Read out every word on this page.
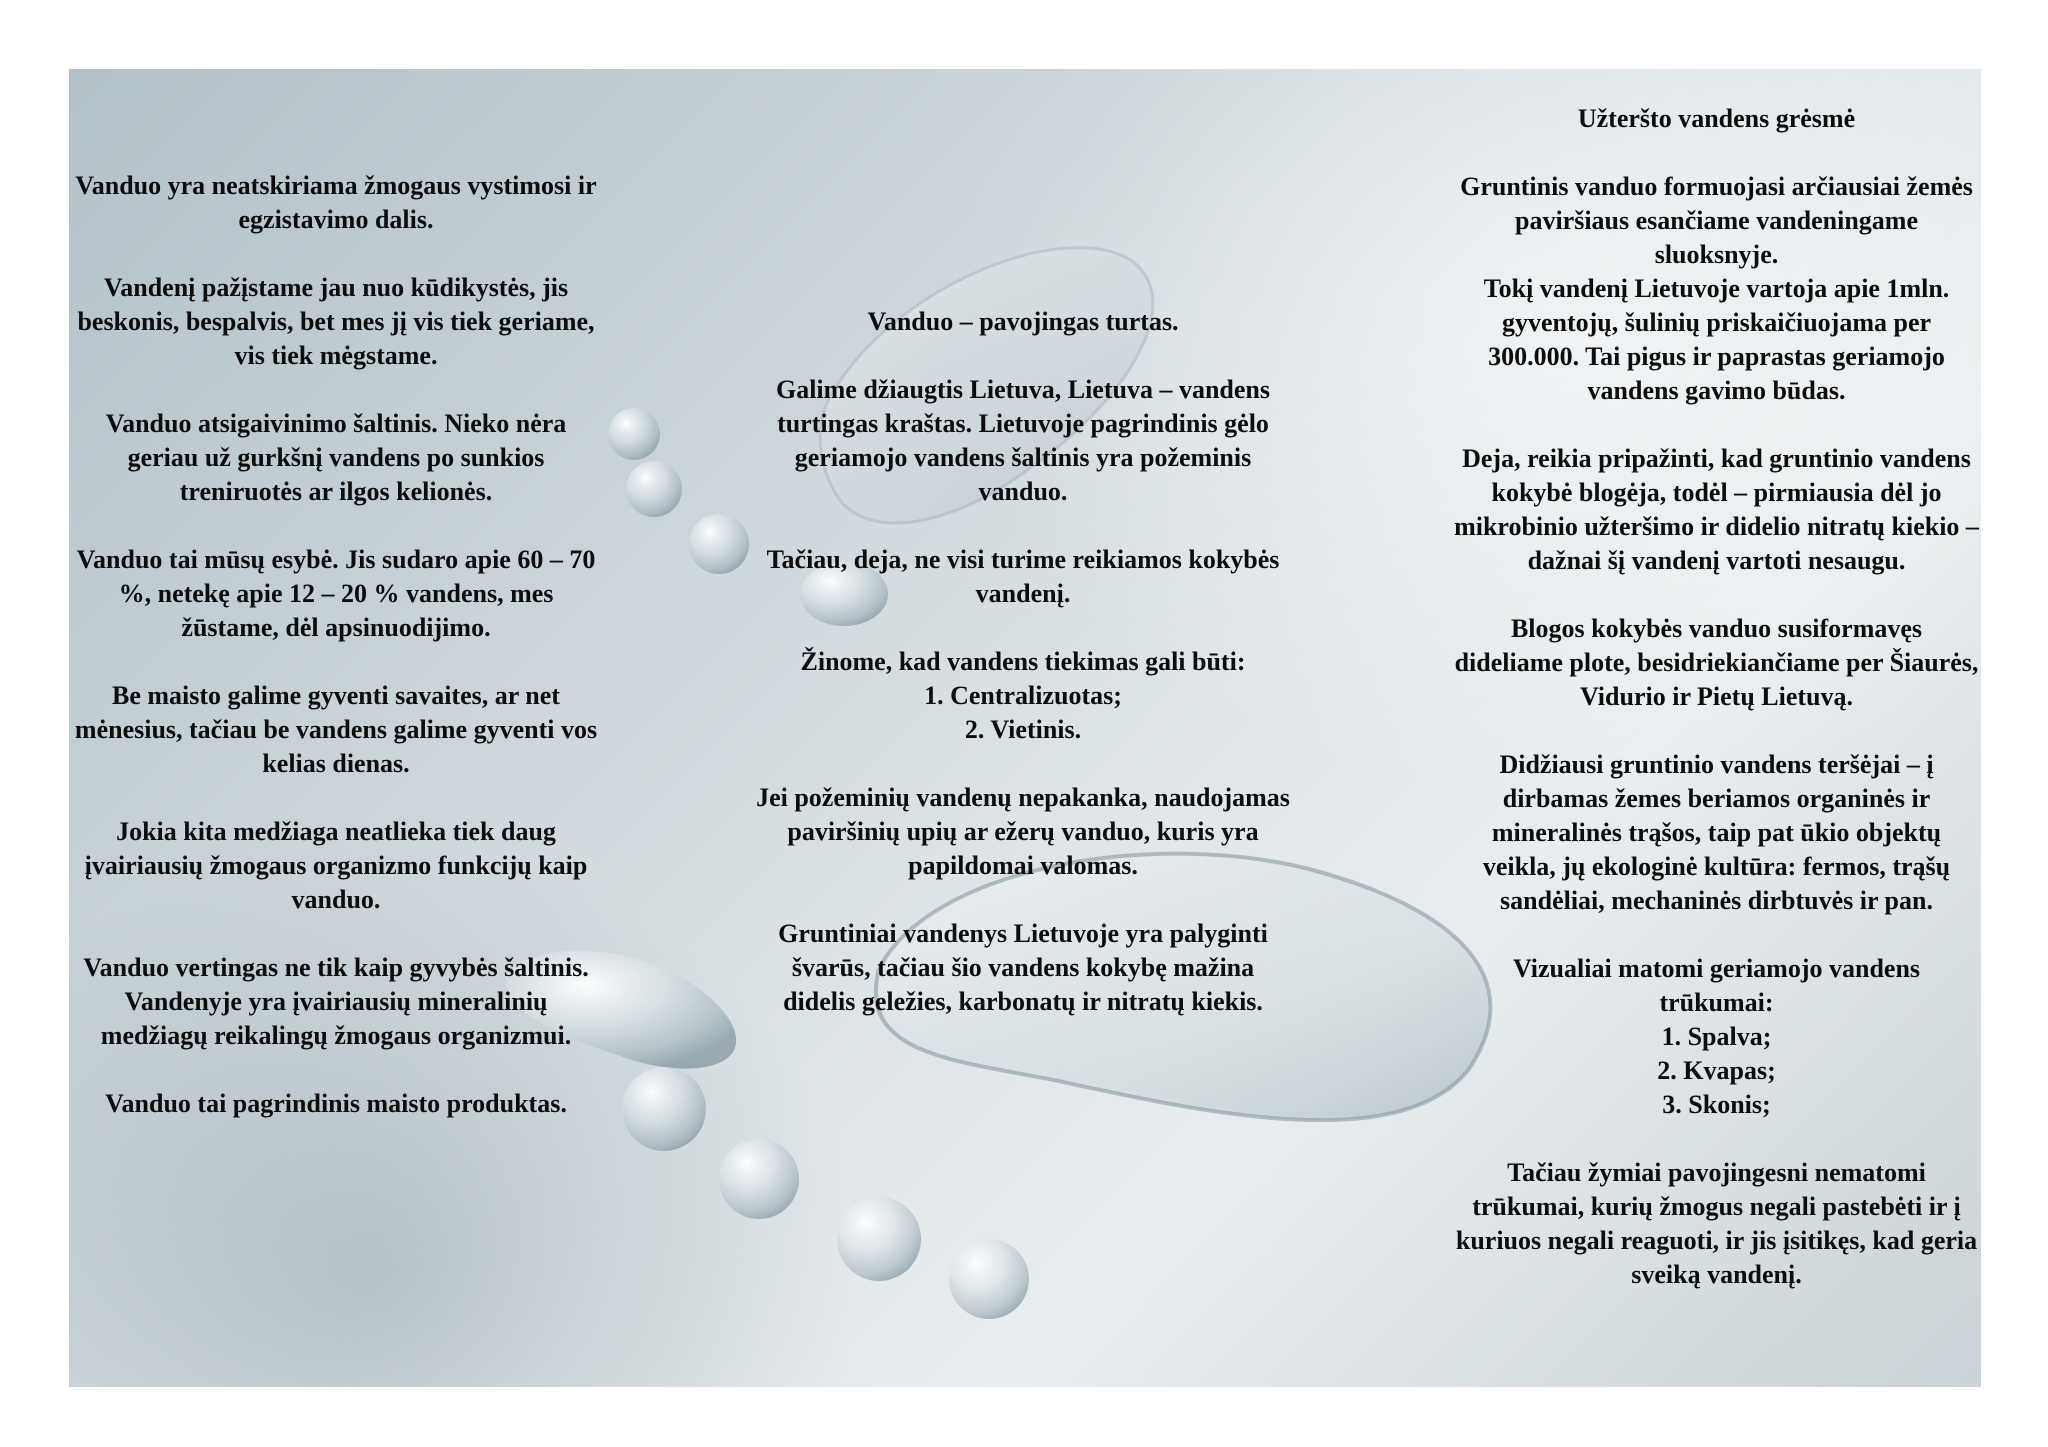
Vanduo yra neatskiriama žmogaus vystimosi ir egzistavimo dalis.

Vandenį pažįstame jau nuo kūdikystės, jis beskonis, bespalvis, bet mes jį vis tiek geriame, vis tiek mėgstame.

Vanduo atsigaivinimo šaltinis. Nieko nėra geriau už gurkšnį vandens po sunkios treniruotės ar ilgos kelionės.

Vanduo tai mūsų esybė. Jis sudaro apie 60 – 70 %, netekę apie 12 – 20 % vandens, mes žūstame, dėl apsinuodijimo.

Be maisto galime gyventi savaites, ar net mėnesius, tačiau be vandens galime gyventi vos kelias dienas.

Jokia kita medžiaga neatlieka tiek daug įvairiausių žmogaus organizmo funkcijų kaip vanduo.

Vanduo vertingas ne tik kaip gyvybės šaltinis. Vandenyje yra įvairiausių mineralinių medžiagų reikalingų žmogaus organizmui.

Vanduo tai pagrindinis maisto produktas.

Vanduo – pavojingas turtas.

Galime džiaugtis Lietuva, Lietuva – vandens turtingas kraštas. Lietuvoje pagrindinis gėlo geriamojo vandens šaltinis yra požeminis vanduo.

Tačiau, deja, ne visi turime reikiamos kokybės vandenį.

Žinome, kad vandens tiekimas gali būti:

1. Centralizuotas;
2. Vietinis.

Jei požeminių vandenų nepakanka, naudojamas paviršinių upių ar ežerų vanduo, kuris yra papildomai valomas.

Gruntiniai vandenys Lietuvoje yra palyginti švarūs, tačiau šio vandens kokybę mažina didelis geležies, karbonatų ir nitratų kiekis.

Užteršto vandens grėsmė

Gruntinis vanduo formuojasi arčiausiai žemės paviršiaus esančiame vandeningame sluoksnyje.

Tokį vandenį Lietuvoje vartoja apie 1mln. gyventojų, šulinių priskaičiuojama per 300.000. Tai pigus ir paprastas geriamojo vandens gavimo būdas.

Deja, reikia pripažinti, kad gruntinio vandens kokybė blogėja, todėl – pirmiausia dėl jo mikrobinio užteršimo ir didelio nitratų kiekio – dažnai šį vandenį vartoti nesaugu.

Blogos kokybės vanduo susiformavęs dideliame plote, besidriekiančiame per Šiaurės, Vidurio ir Pietų Lietuvą.

Didžiausi gruntinio vandens teršėjai – į dirbamas žemes beriamos organinės ir mineralinės trąšos, taip pat ūkio objektų veikla, jų ekologinė kultūra: fermos, trąšų sandėliai, mechaninės dirbtuvės ir pan.

Vizualiai matomi geriamojo vandens trūkumai:

1. Spalva;
2. Kvapas;
3. Skonis;

Tačiau žymiai pavojingesni nematomi trūkumai, kurių žmogus negali pastebėti ir į kuriuos negali reaguoti, ir jis įsitikęs, kad geria sveiką vandenį.
